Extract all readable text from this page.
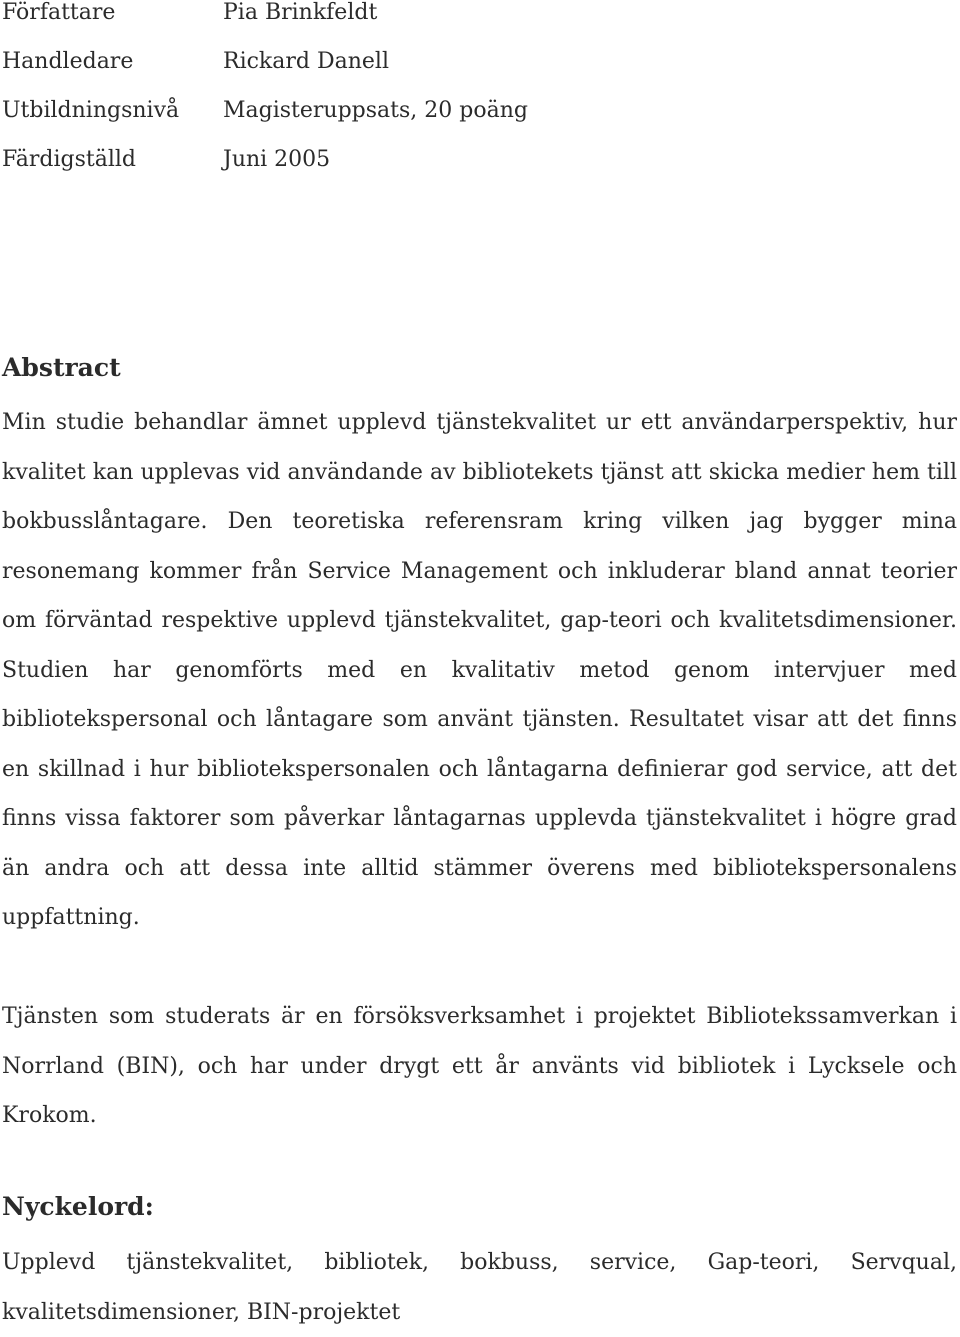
Författare	Pia Brinkfeldt
Handledare	Rickard Danell
Utbildningsnivå	Magisteruppsats, 20 poäng
Färdigställd	Juni 2005
Abstract

Min studie behandlar ämnet upplevd tjänstekvalitet ur ett användarperspektiv, hur kvalitet kan upplevas vid användande av bibliotekets tjänst att skicka medier hem till bokbusslåntagare. Den teoretiska referensram kring vilken jag bygger mina resonemang kommer från Service Management och inkluderar bland annat teorier om förväntad respektive upplevd tjänstekvalitet, gap-teori och kvalitetsdimensioner. Studien har genomförts med en kvalitativ metod genom intervjuer med bibliotekspersonal och låntagare som använt tjänsten. Resultatet visar att det finns en skillnad i hur bibliotekspersonalen och låntagarna definierar god service, att det finns vissa faktorer som påverkar låntagarnas upplevda tjänstekvalitet i högre grad än andra och att dessa inte alltid stämmer överens med bibliotekspersonalens uppfattning.

Tjänsten som studerats är en försöksverksamhet i projektet Bibliotekssamverkan i Norrland (BIN), och har under drygt ett år använts vid bibliotek i Lycksele och Krokom.

Nyckelord:
Upplevd tjänstekvalitet, bibliotek, bokbuss, service, Gap-teori, Servqual,
kvalitetsdimensioner, BIN-projektet
